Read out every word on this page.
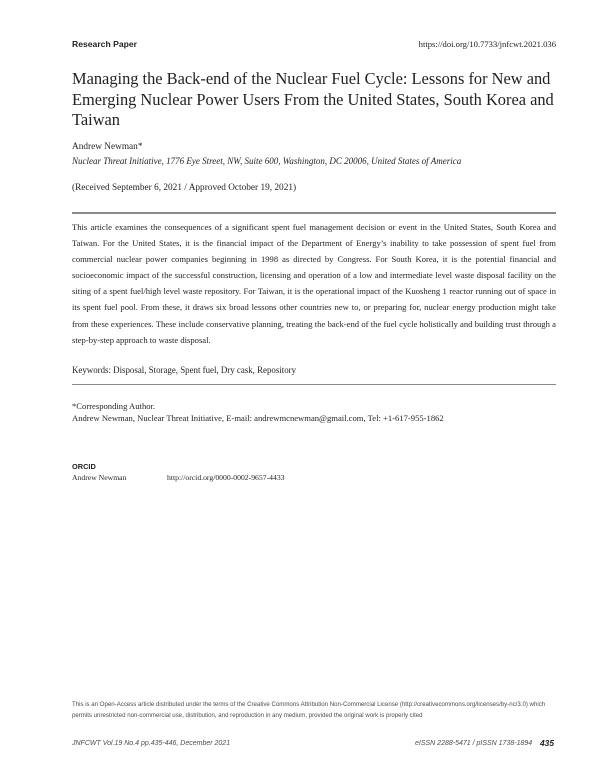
Research Paper	https://doi.org/10.7733/jnfcwt.2021.036
Managing the Back-end of the Nuclear Fuel Cycle: Lessons for New and Emerging Nuclear Power Users From the United States, South Korea and Taiwan
Andrew Newman*
Nuclear Threat Initiative, 1776 Eye Street, NW, Suite 600, Washington, DC 20006, United States of America
(Received September 6, 2021 / Approved October 19, 2021)

This article examines the consequences of a significant spent fuel management decision or event in the United States, South Korea and Taiwan. For the United States, it is the financial impact of the Department of Energy’s inability to take possession of spent fuel from commercial nuclear power companies beginning in 1998 as directed by Congress. For South Korea, it is the potential financial and socioeconomic impact of the successful construction, licensing and operation of a low and intermediate level waste disposal facility on the siting of a spent fuel/high level waste repository. For Taiwan, it is the operational impact of the Kuosheng 1 reactor running out of space in its spent fuel pool. From these, it draws six broad lessons other countries new to, or preparing for, nuclear energy production might take from these experiences. These include conservative planning, treating the back-end of the fuel cycle holistically and building trust through a step-by-step approach to waste disposal.

Keywords: Disposal, Storage, Spent fuel, Dry cask, Repository
*Corresponding Author.
Andrew Newman, Nuclear Threat Initiative, E-mail: andrewmcnewman@gmail.com, Tel: +1-617-955-1862
ORCID
Andrew Newman	http://orcid.org/0000-0002-9657-4433

This is an Open-Access article distributed under the terms of the Creative Commons Attribution Non-Commercial License (http://creativecommons.org/licenses/by-nc/3.0) which permits unrestricted non-commercial use, distribution, and reproduction in any medium, provided the original work is properly cited

JNFCWT Vol.19 No.4 pp.435-446, December 2021	eISSN 2288-5471 / pISSN 1738-1894 435
